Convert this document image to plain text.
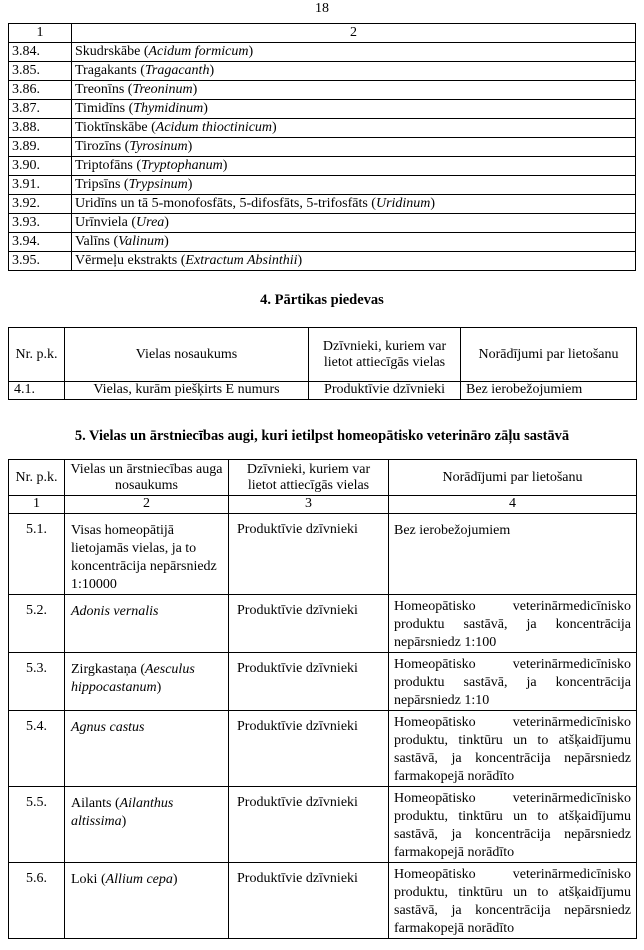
18
1	2
3.84.	Skudrskābe (Acidum formicum)
3.85.	Tragakants (Tragacanth)
3.86.	Treonīns (Treoninum)
3.87.	Timidīns (Thymidinum)
3.88.	Tioktīnskābe (Acidum thioctinicum)
3.89.	Tirozīns (Tyrosinum)
3.90.	Triptofāns (Tryptophanum)
3.91.	Tripsīns (Trypsinum)
3.92.	Uridīns un tā 5-monofosfāts, 5-difosfāts, 5-trifosfāts (Uridinum)
3.93.	Urīnviela (Urea)
3.94.	Valīns (Valinum)
3.95.	Vērmeļu ekstrakts (Extractum Absinthii)
4. Pārtikas piedevas
Nr. p.k.	Vielas nosaukums	Dzīvnieki, kuriem var lietot attiecīgās vielas	Norādījumi par lietošanu
4.1.	Vielas, kurām piešķirts E numurs	Produktīvie dzīvnieki	Bez ierobežojumiem
5. Vielas un ārstniecības augi, kuri ietilpst homeopātisko veterināro zāļu sastāvā
Nr. p.k.	Vielas un ārstniecības auga nosaukums	Dzīvnieki, kuriem var lietot attiecīgās vielas	Norādījumi par lietošanu
1	2	3	4
5.1.	Visas homeopātijā lietojamās vielas, ja to koncentrācija nepārsniedz 1:10000	Produktīvie dzīvnieki	Bez ierobežojumiem
5.2.	Adonis vernalis	Produktīvie dzīvnieki	Homeopātisko veterinārmedicīnisko produktu sastāvā, ja koncentrācija nepārsniedz 1:100
5.3.	Zirgkastaņa (Aesculus hippocastanum)	Produktīvie dzīvnieki	Homeopātisko veterinārmedicīnisko produktu sastāvā, ja koncentrācija nepārsniedz 1:10
5.4.	Agnus castus	Produktīvie dzīvnieki	Homeopātisko veterinārmedicīnisko produktu, tinktūru un to atšķaidījumu sastāvā, ja koncentrācija nepārsniedz farmakopejā norādīto
5.5.	Ailants (Ailanthus altissima)	Produktīvie dzīvnieki	Homeopātisko veterinārmedicīnisko produktu, tinktūru un to atšķaidījumu sastāvā, ja koncentrācija nepārsniedz farmakopejā norādīto
5.6.	Loki (Allium cepa)	Produktīvie dzīvnieki	Homeopātisko veterinārmedicīnisko produktu, tinktūru un to atšķaidījumu sastāvā, ja koncentrācija nepārsniedz farmakopejā norādīto
